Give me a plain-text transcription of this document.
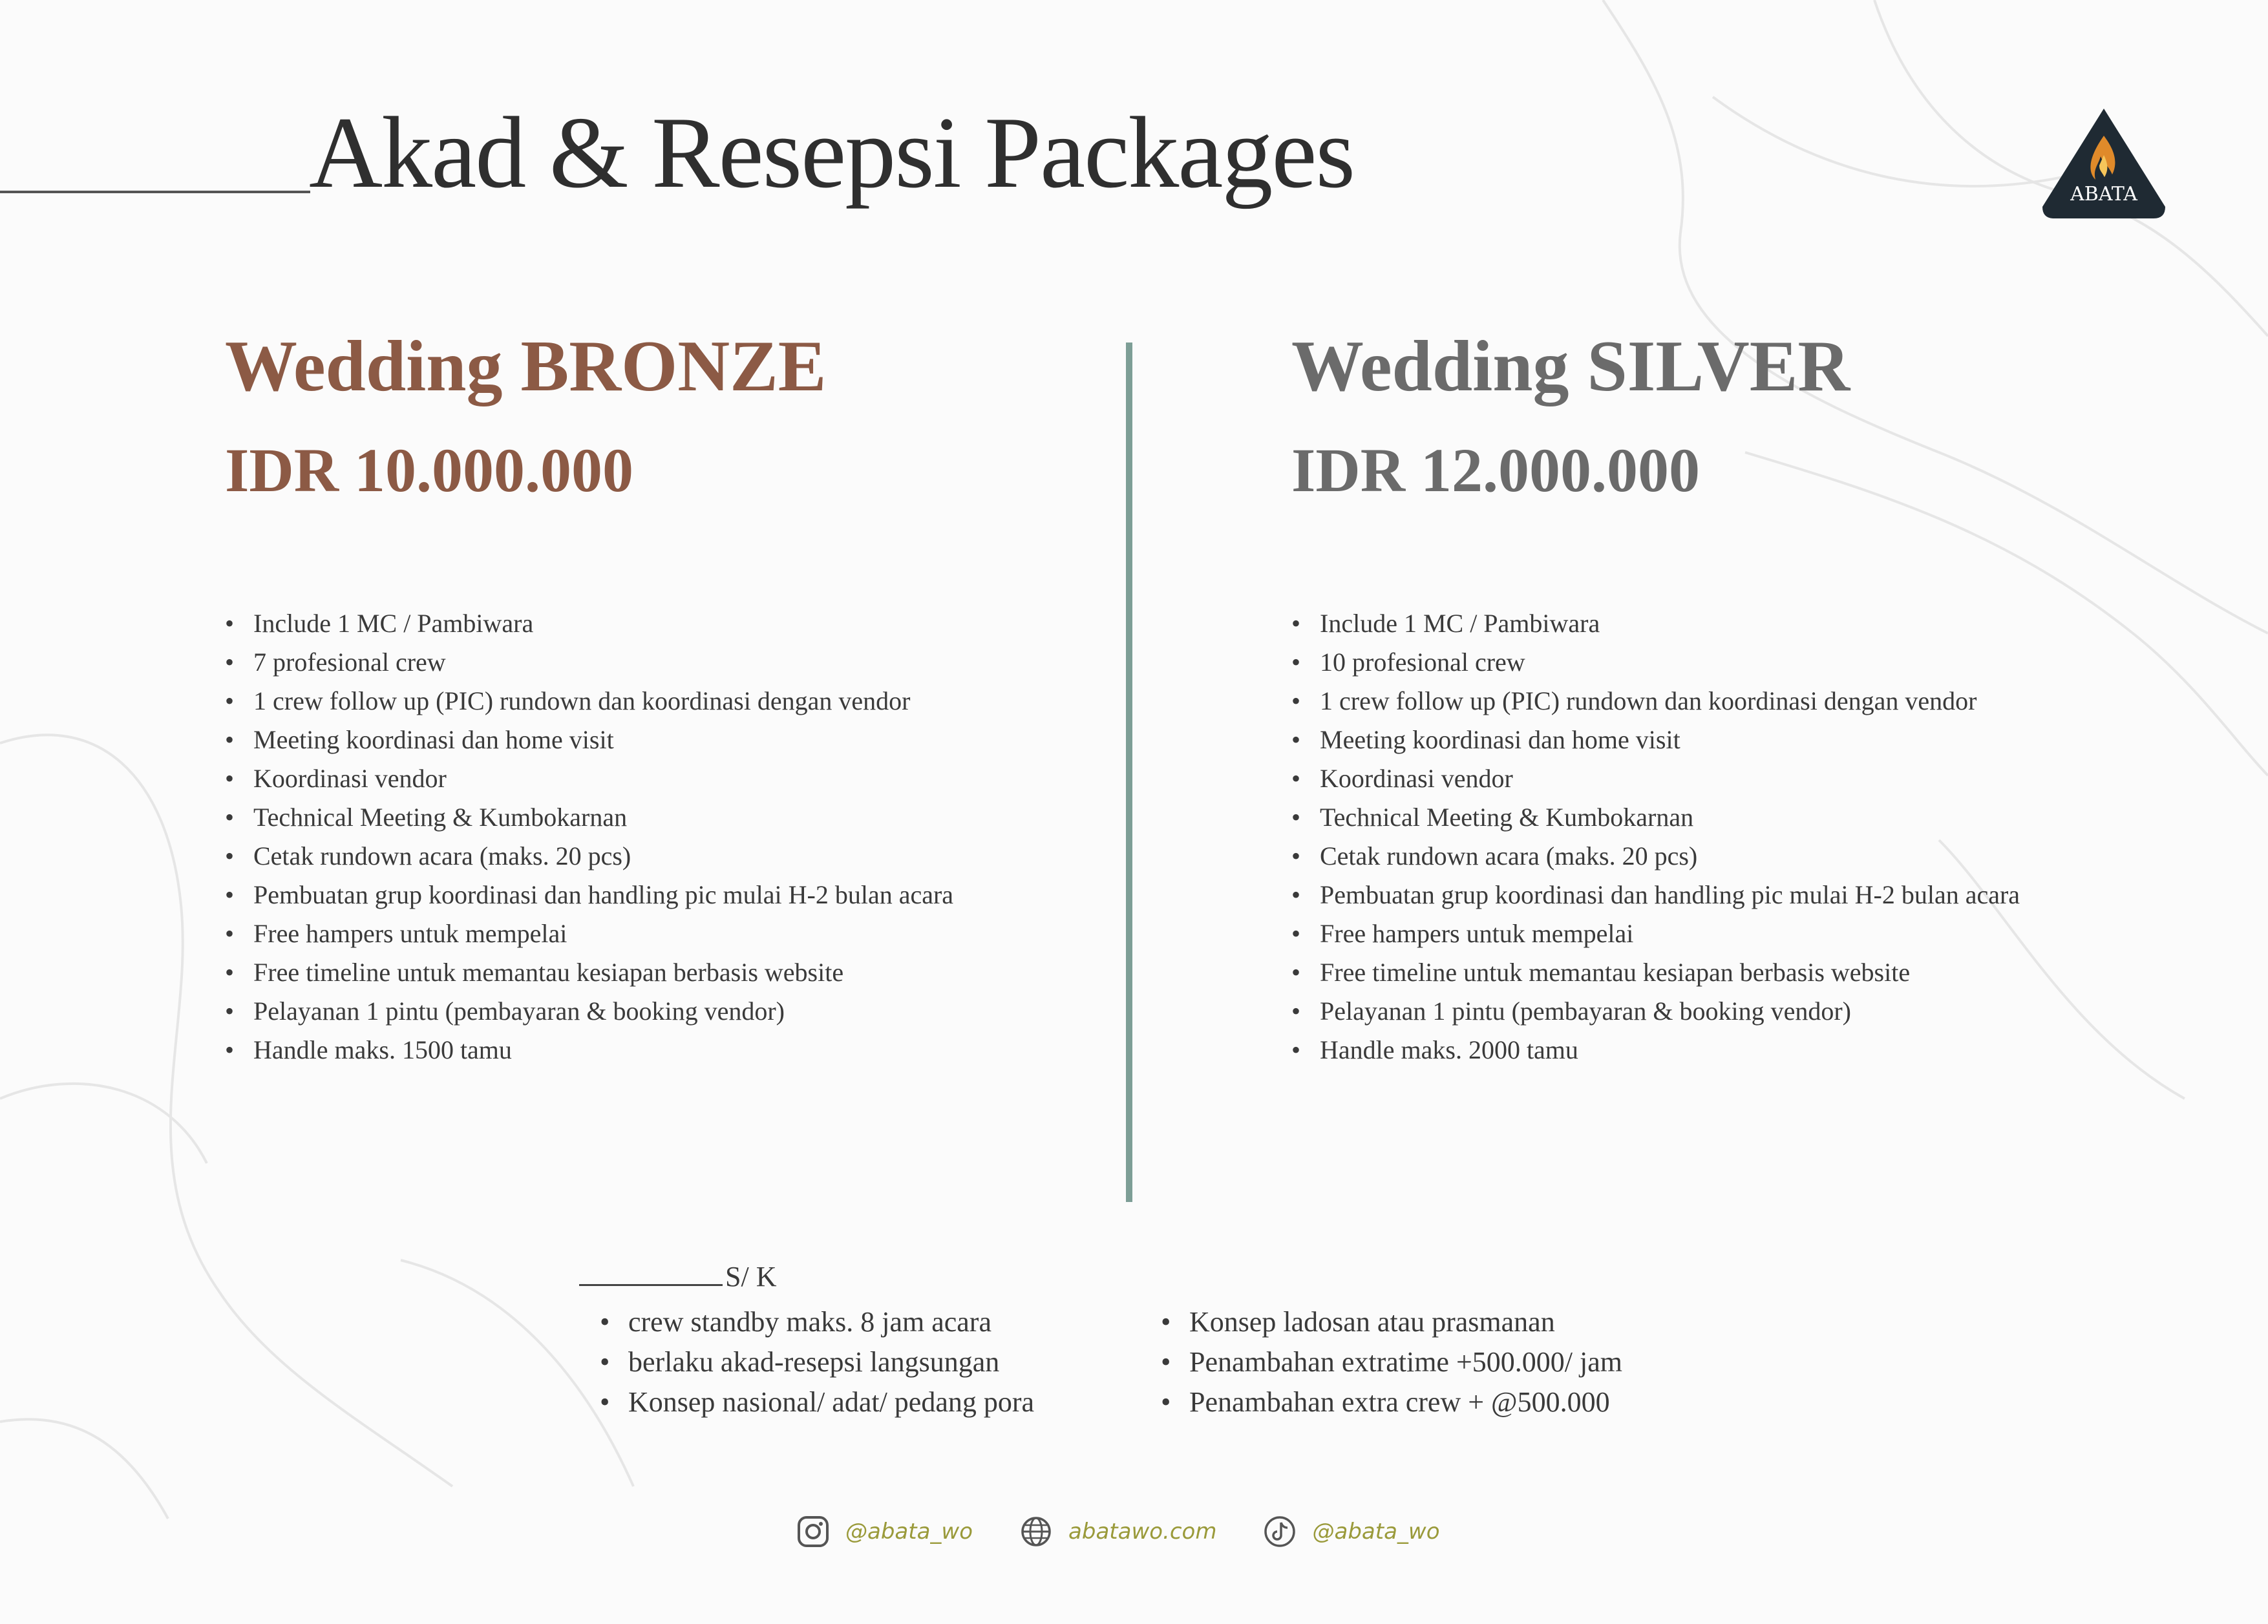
Akad & Resepsi Packages	ABATA
Wedding BRONZE
IDR 10.000.000
• Include 1 MC / Pambiwara
• 7 profesional crew
• 1 crew follow up (PIC) rundown dan koordinasi dengan vendor
• Meeting koordinasi dan home visit
• Koordinasi vendor
• Technical Meeting & Kumbokarnan
• Cetak rundown acara (maks. 20 pcs)
• Pembuatan grup koordinasi dan handling pic mulai H-2 bulan acara
• Free hampers untuk mempelai
• Free timeline untuk memantau kesiapan berbasis website
• Pelayanan 1 pintu (pembayaran & booking vendor)
• Handle maks. 1500 tamu
Wedding SILVER
IDR 12.000.000
• Include 1 MC / Pambiwara
• 10 profesional crew
• 1 crew follow up (PIC) rundown dan koordinasi dengan vendor
• Meeting koordinasi dan home visit
• Koordinasi vendor
• Technical Meeting & Kumbokarnan
• Cetak rundown acara (maks. 20 pcs)
• Pembuatan grup koordinasi dan handling pic mulai H-2 bulan acara
• Free hampers untuk mempelai
• Free timeline untuk memantau kesiapan berbasis website
• Pelayanan 1 pintu (pembayaran & booking vendor)
• Handle maks. 2000 tamu
S/ K
• crew standby maks. 8 jam acara
• berlaku akad-resepsi langsungan
• Konsep nasional/ adat/ pedang pora
• Konsep ladosan atau prasmanan
• Penambahan extratime +500.000/ jam
• Penambahan extra crew + @500.000
@abata_wo	abatawo.com	@abata_wo
